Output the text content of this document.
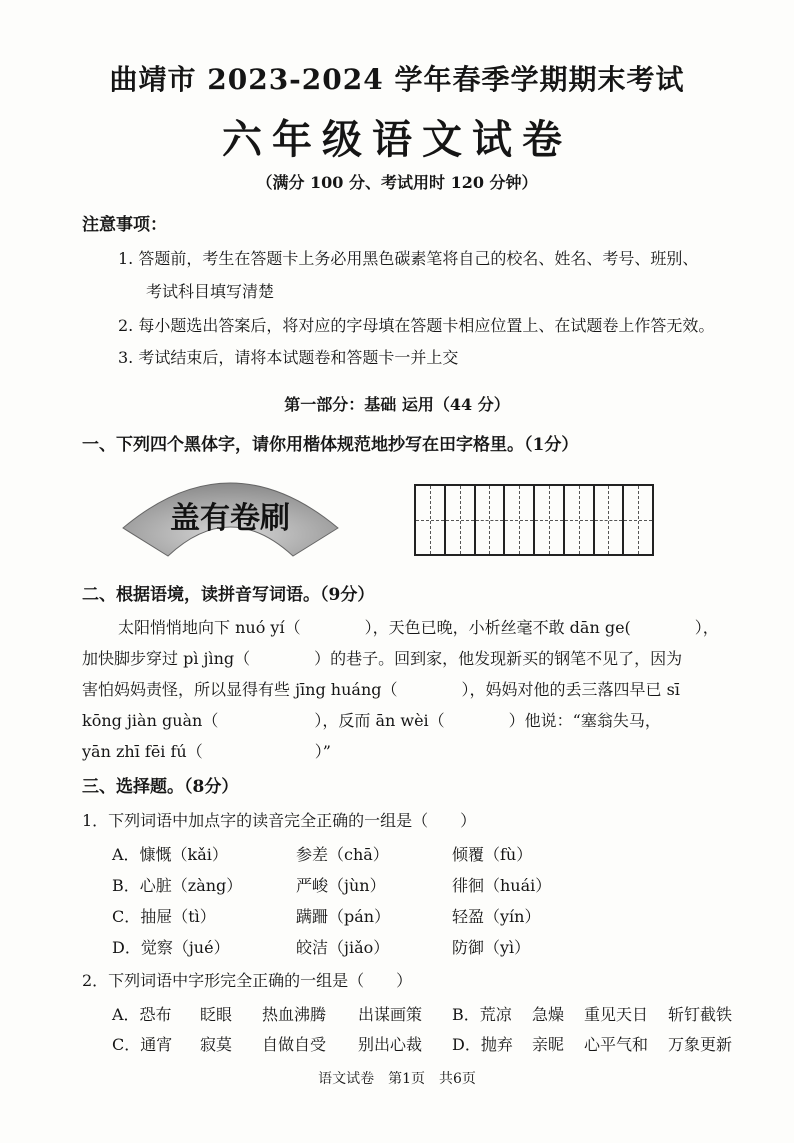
曲靖市 2023-2024 学年春季学期期末考试
六年级语文试卷
（满分 100 分、考试用时 120 分钟）
注意事项：
1. 答题前，考生在答题卡上务必用黑色碳素笔将自己的校名、姓名、考号、班别、
考试科目填写清楚
2. 每小题选出答案后，将对应的字母填在答题卡相应位置上、在试题卷上作答无效。
3. 考试结束后，请将本试题卷和答题卡一并上交
第一部分：基础 运用（44 分）
一、下列四个黑体字，请你用楷体规范地抄写在田字格里。（1分）
盖有卷刷
二、根据语境，读拼音写词语。（9分）
太阳悄悄地向下 nuó yí（　　　　），天色已晚，小析丝毫不敢 dān ge(　　　　），
加快脚步穿过 pì jìng（　　　　）的巷子。回到家，他发现新买的钢笔不见了，因为
害怕妈妈责怪，所以显得有些 jīng huáng（　　　　），妈妈对他的丢三落四早已 sī
kōng jiàn guàn（　　　　　　），反而 ān wèi（　　　　）他说：“塞翁失马，
yān zhī fēi fú（　　　　　　　）”
三、选择题。（8分）
1．下列词语中加点字的读音完全正确的一组是（　　）
A．慷慨（kǎi）	参差（chā）	倾覆（fù）
B．心脏（zàng）	严峻（jùn）	徘徊（huái）
C．抽屉（tì）	蹒跚（pán）	轻盈（yín）
D．觉察（jué）	皎洁（jiǎo）	防御（yì）
2．下列词语中字形完全正确的一组是（　　）
A．恐布 眨眼 热血沸腾 出谋画策 B．荒凉 急燥 重见天日 斩钉截铁
C．通宵 寂莫 自做自受 别出心裁 D．抛弃 亲昵 心平气和 万象更新
语文试卷　第1页　共6页
